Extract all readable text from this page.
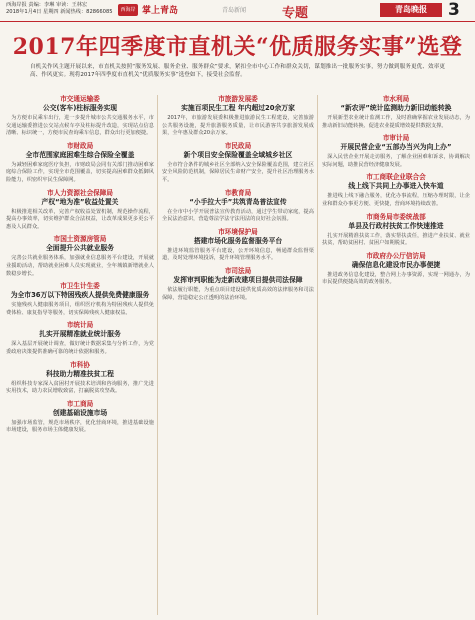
西海岸报 责编：李琳 审读：王林宏
2018年1月4日 星期四 新闻热线：82866085	西海岸 掌上青岛	青岛新闻	专题	青岛晚报	3
2017年四季度市直机关“优质服务实事”选登
自机关作风主题开展以来，市直机关按照“服务发展、服务企业、服务群众”要求，紧扣全市中心工作和群众关切，谋划推出一批服务实事，努力做到服务更优、效率更高、作风更实。现将2017年四季度市直机关“优质服务实事”选登如下，接受社会监督。
市交通运输委
公交(客车)柱标服务实现
为方便市民乘车出行，进一步提升城市公共交通服务水平，市交通运输委推进公交站点候车亭及柱标提升改造，实现站点信息清晰、标识统一，方便市民查询乘车信息，群众出行更加便捷。
市财政局
全市范围家庭困难生综合保险全覆盖
为减轻困难家庭医疗负担，市财政局会同有关部门推动困难家庭综合保险工作，实现全市范围覆盖，切实提高困难群众抵御风险能力，织密织牢民生保障网。
市人力资源社会保障局
产权“地为准”收益处置关
积极推进相关改革，完善产权收益处置机制，规范操作流程，提高办事效率，切实维护群众合法权益，让改革成果更多更公平惠及人民群众。
市国土资源房管局
全面提升公共就业服务
完善公共就业服务体系，加强就业信息服务平台建设，开展就业援助活动，帮助就业困难人员实现就业，全年城镇新增就业人数稳步增长。
市卫生计生委
为全市36万以下特困残疾人提供免费健康服务
实施残疾人健康服务项目，组织医疗机构为特困残疾人提供免费体检、康复指导等服务，切实保障残疾人健康权益。
市统计局
扎实开展精准就业统计服务
深入基层开展统计调查，做好统计数据采集与分析工作，为党委政府决策提供准确可靠的统计依据和服务。
市科协
科技助力精准扶贫工程
组织科技专家深入贫困村开展技术培训和咨询服务，推广先进实用技术，助力农民增收致富，打赢脱贫攻坚战。
市工商局
创建基础设施市场
加强市场监管，规范市场秩序，优化营商环境，推进基础设施市场建设，服务市场主体健康发展。
市旅游发展委
实施百项民生工程 年内超过20余万家
2017年，市旅游发展委积极推进旅游民生工程建设，完善旅游公共服务设施，提升旅游服务质量，让市民游客共享旅游发展成果，全年惠及群众20余万家。
市民政局
新个项目安全保险覆盖全域城乡社区
全市符合条件的城乡社区全部纳入安全保险覆盖范围，建立社区安全风险防范机制，保障居民生命财产安全，提升社区治理服务水平。
市教育局
“小手拉大手”共筑青岛普法宣传
在全市中小学开展普法宣传教育活动，通过学生带动家庭，提高全民法治意识，营造尊法学法守法用法的良好社会氛围。
市环境保护局
搭建市场化服务监督服务平台
推进环境监管服务平台建设，公开环境信息，畅通群众监督渠道，及时处理环境投诉，提升环境管理服务水平。
市司法局
发挥审判职能为走新改建项目提供司法保障
依法履行职能，为重点项目建设提供优质高效的法律服务和司法保障，营造稳定公正透明的法治环境。
市水利局
“新农评”统计监测助力新旧动能转换
开展新型农业统计监测工作，及时准确掌握农业发展动态，为推动新旧动能转换、促进农业提质增效提供数据支撑。
市审计局
开展民营企业“五部办当兴为向上办”
深入民营企业开展走访服务，了解企业困难和诉求，协调解决实际问题，助推民营经济健康发展。
市工商联企业联合会
线上线下共同上办事进入快车道
推进线上线下融合服务，优化办事流程，压缩办理时限，让企业和群众办事更方便、更快捷，营商环境持续改善。
市商务局市委统战部
单县及行政村扶贫工作快速推进
扎实开展精准扶贫工作，落实帮扶责任，推进产业扶贫、就业扶贫，帮助贫困村、贫困户如期脱贫。
市政府办公厅信访局
确保信息化建设市民办事便捷
推进政务信息化建设，整合网上办事资源，实现一网通办，为市民提供便捷高效的政务服务。
